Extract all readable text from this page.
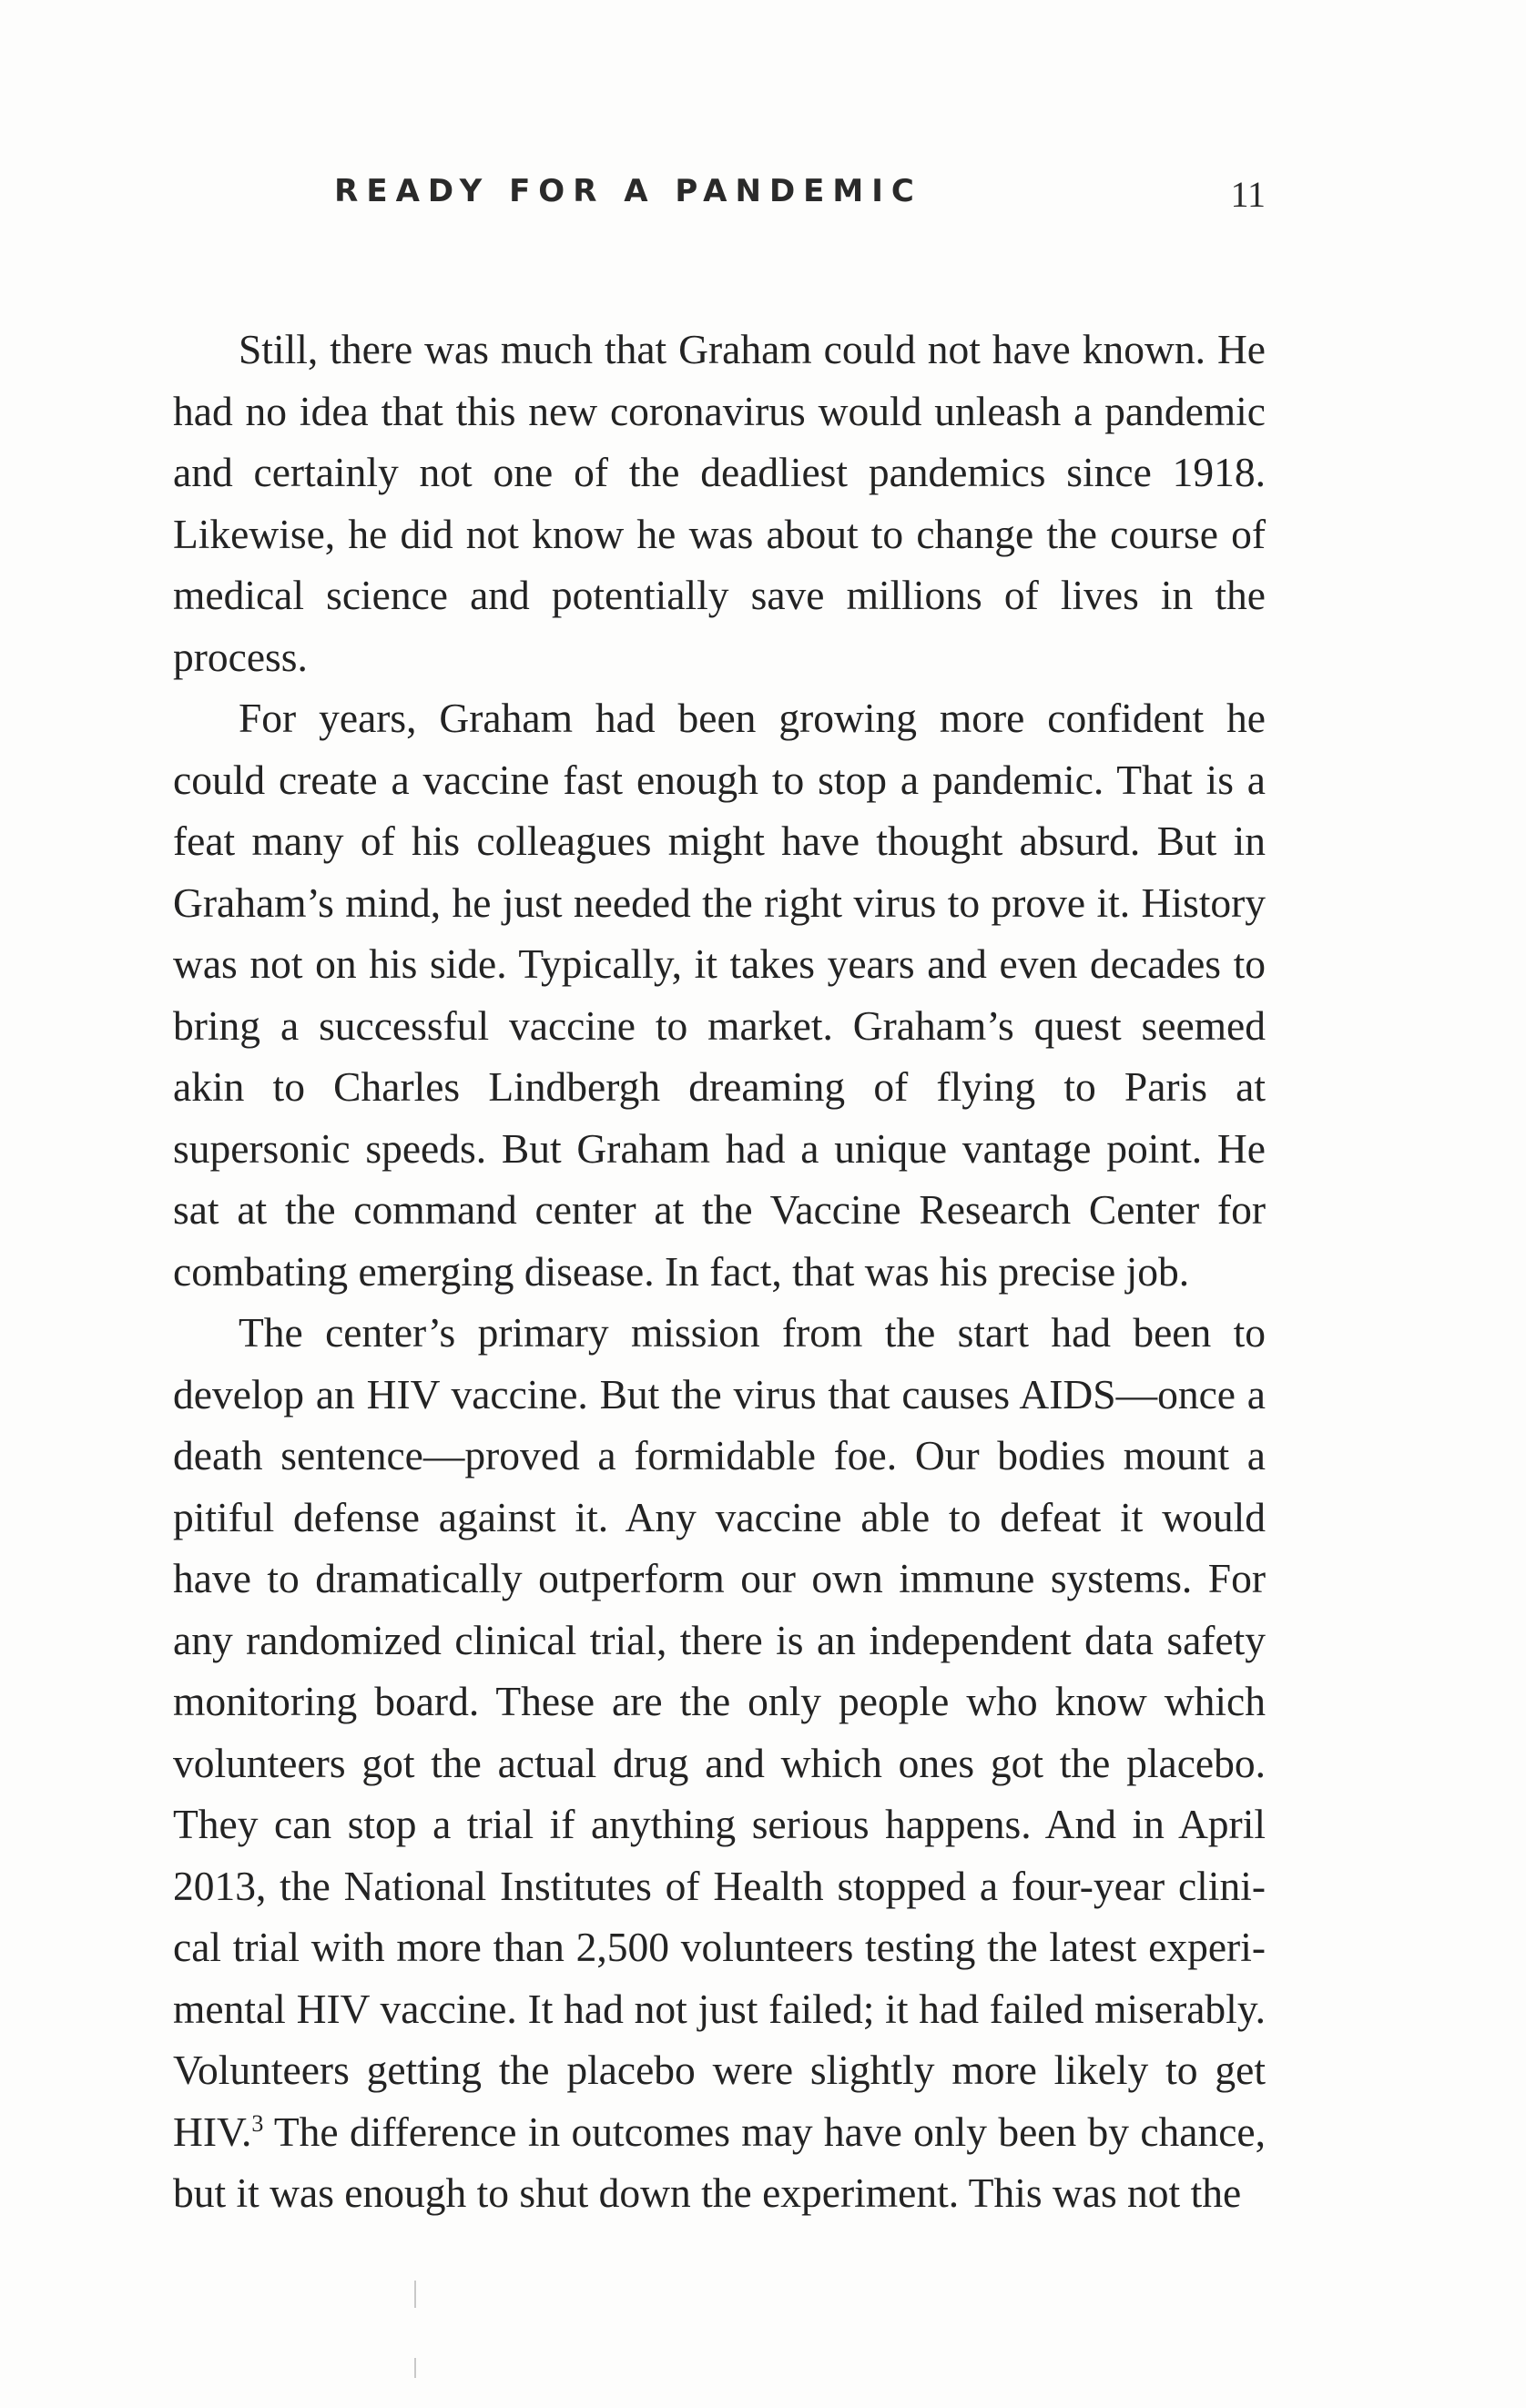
READY FOR A PANDEMIC	11

Still, there was much that Graham could not have known. He had no idea that this new coronavirus would unleash a pandemic and certainly not one of the deadliest pandemics since 1918. Likewise, he did not know he was about to change the course of medical science and potentially save millions of lives in the process.

For years, Graham had been growing more confident he could create a vaccine fast enough to stop a pandemic. That is a feat many of his colleagues might have thought absurd. But in Graham’s mind, he just needed the right virus to prove it. History was not on his side. Typically, it takes years and even decades to bring a successful vaccine to market. Graham’s quest seemed akin to Charles Lindbergh dreaming of flying to Paris at supersonic speeds. But Graham had a unique vantage point. He sat at the command center at the Vaccine Research Center for combating emerging disease. In fact, that was his precise job.

The center’s primary mission from the start had been to develop an HIV vaccine. But the virus that causes AIDS—once a death sentence—proved a formidable foe. Our bodies mount a pitiful defense against it. Any vaccine able to defeat it would have to dramatically outperform our own immune systems. For any randomized clinical trial, there is an independent data safety monitoring board. These are the only people who know which volunteers got the actual drug and which ones got the placebo. They can stop a trial if anything serious happens. And in April 2013, the National Institutes of Health stopped a four-year clinical trial with more than 2,500 volunteers testing the latest experimental HIV vaccine. It had not just failed; it had failed miserably. Volunteers getting the placebo were slightly more likely to get HIV.$^3$ The difference in outcomes may have only been by chance, but it was enough to shut down the experiment. This was not the
